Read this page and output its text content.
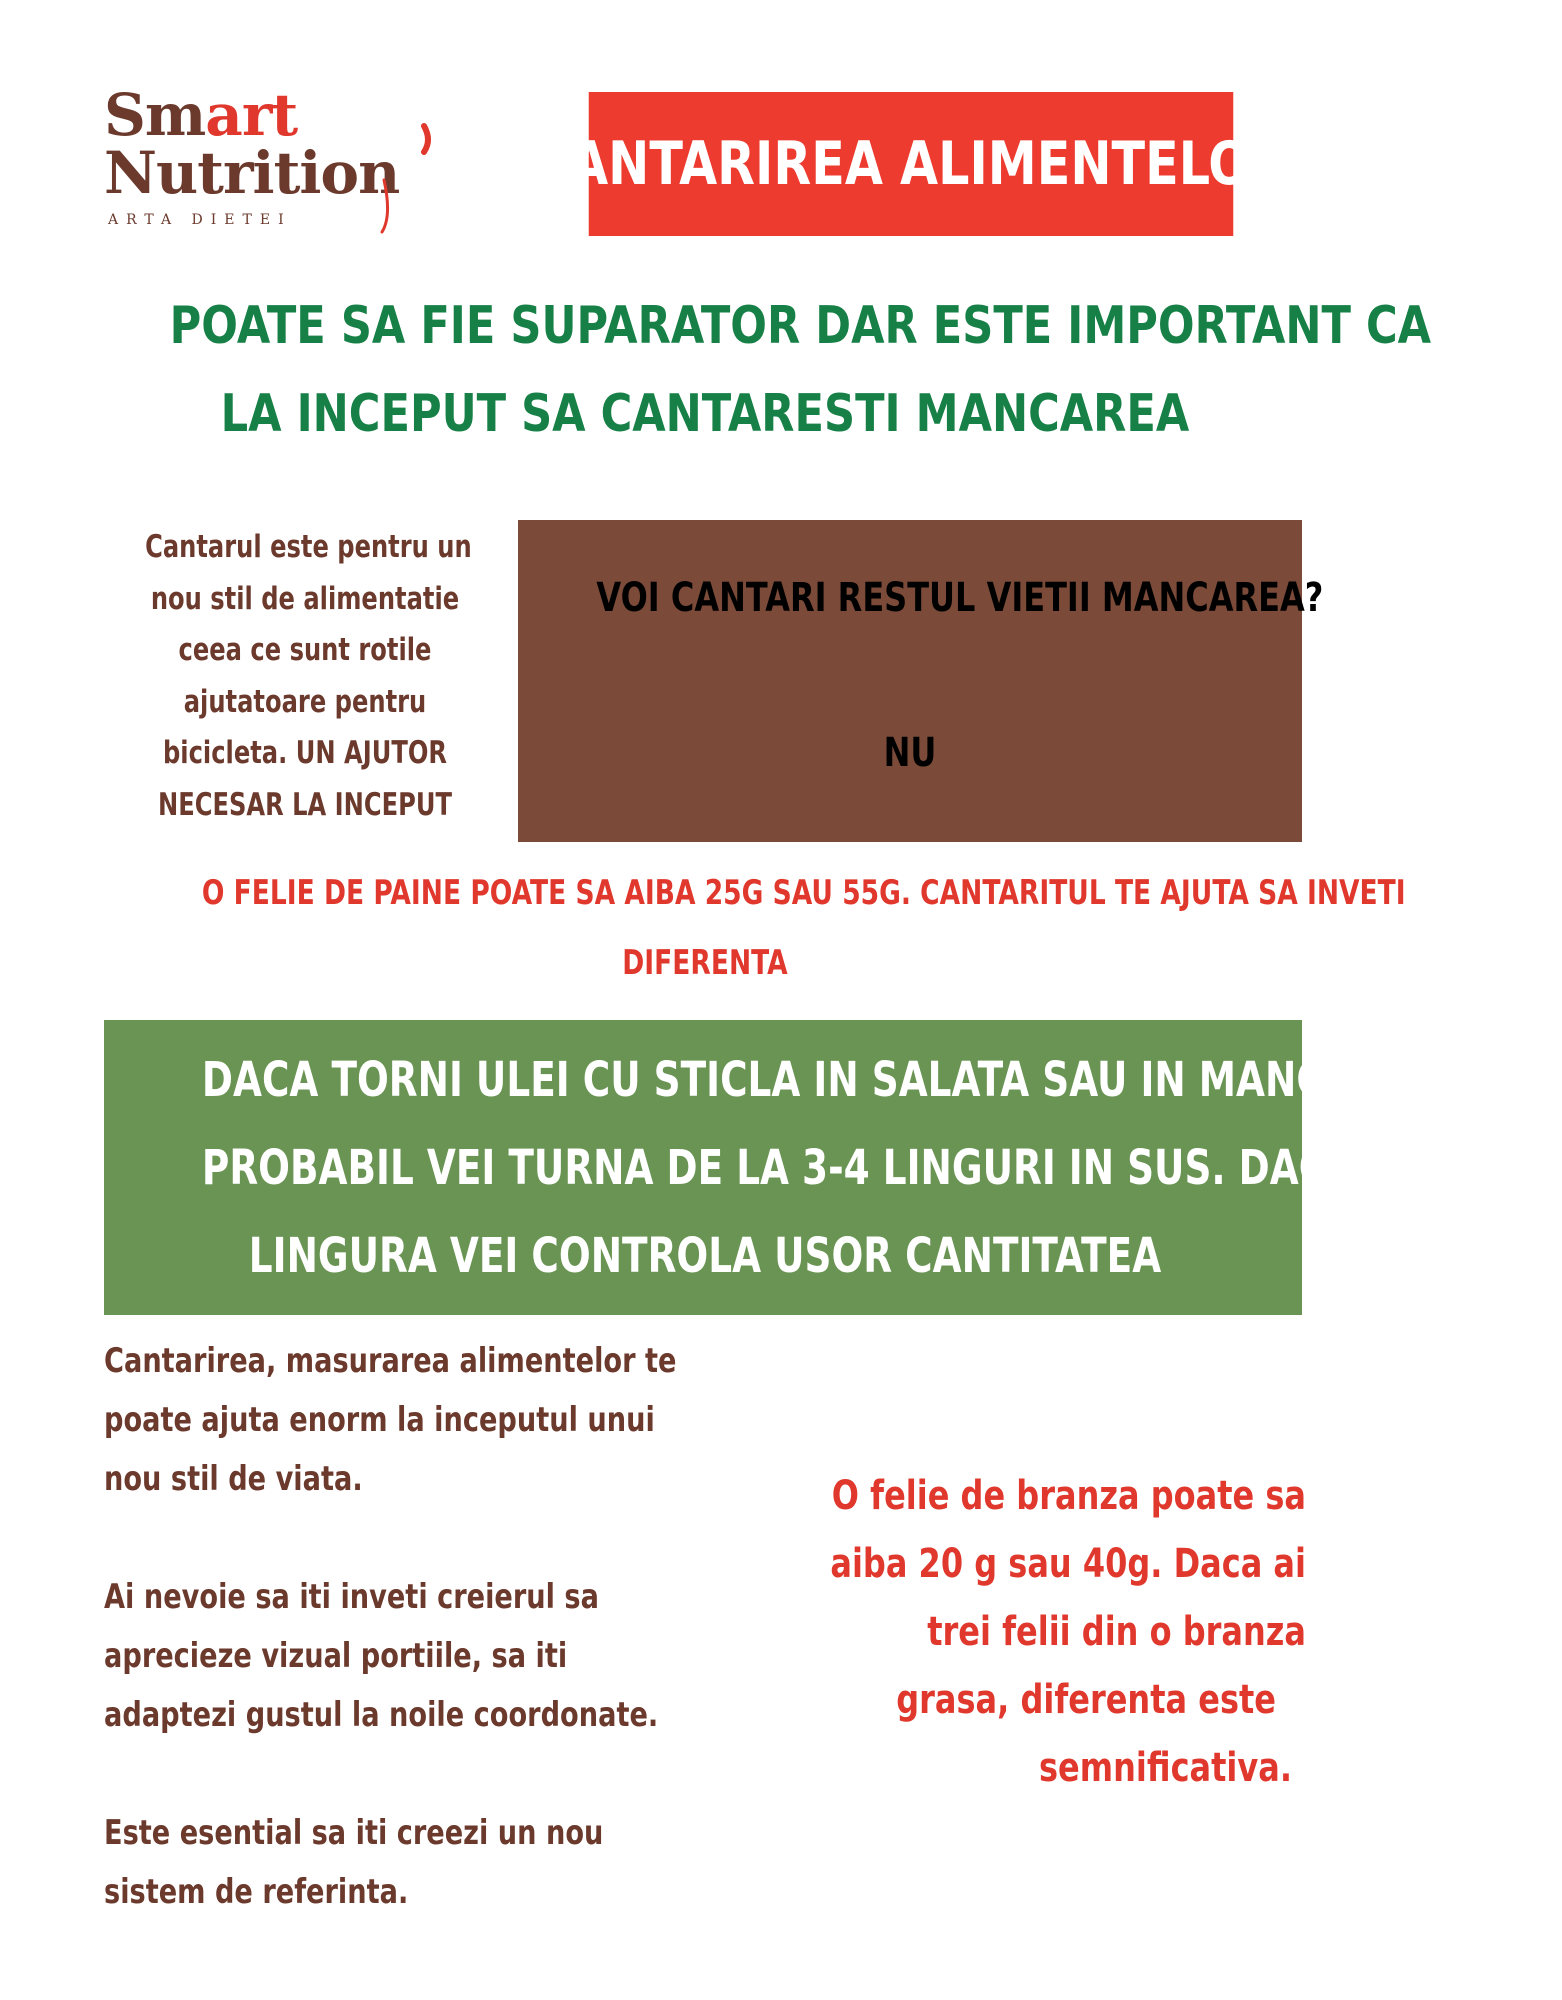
Smart
Nutrition
ARTA DIETEI
CANTARIREA ALIMENTELOR
POATE SA FIE SUPARATOR DAR ESTE IMPORTANT CA
LA INCEPUT SA CANTARESTI MANCAREA
Cantarul este pentru un
nou stil de alimentatie
ceea ce sunt rotile
ajutatoare pentru
bicicleta. UN AJUTOR
NECESAR LA INCEPUT
VOI CANTARI RESTUL VIETII MANCAREA?
NU
O FELIE DE PAINE POATE SA AIBA 25G SAU 55G. CANTARITUL TE AJUTA SA INVETI
DIFERENTA
DACA TORNI ULEI CU STICLA IN SALATA SAU IN MANCARE
PROBABIL VEI TURNA DE LA 3-4 LINGURI IN SUS. DACA IL PUI CU
LINGURA VEI CONTROLA USOR CANTITATEA
Cantarirea, masurarea alimentelor te
poate ajuta enorm la inceputul unui
nou stil de viata.
Ai nevoie sa iti inveti creierul sa
aprecieze vizual portiile, sa iti
adaptezi gustul la noile coordonate.
Este esential sa iti creezi un nou
sistem de referinta.
O felie de branza poate sa
aiba 20 g sau 40g. Daca ai
trei felii din o branza
grasa, diferenta este
semnificativa.
